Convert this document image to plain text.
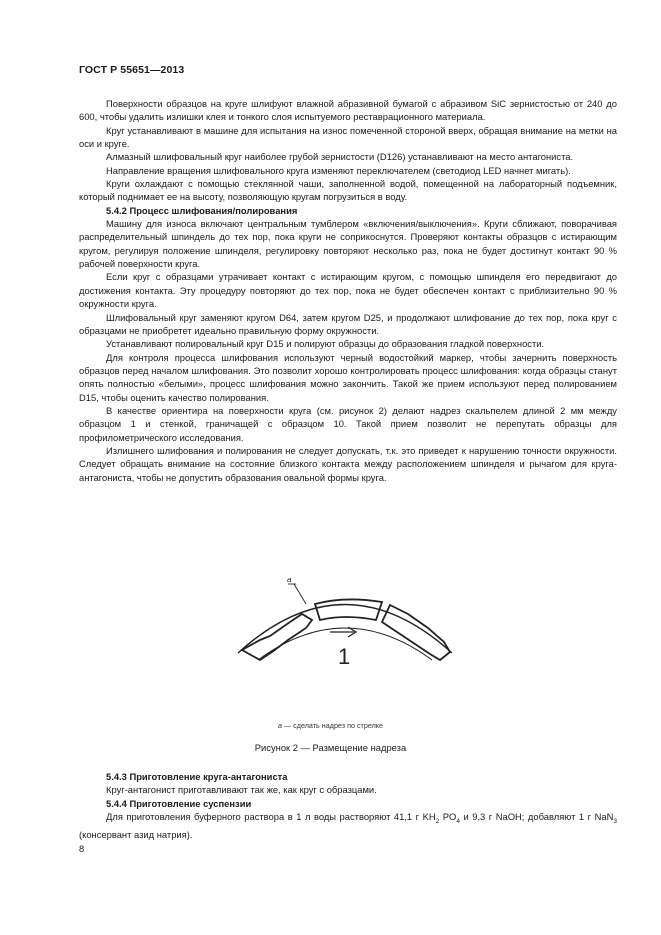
ГОСТ Р 55651—2013

Поверхности образцов на круге шлифуют влажной абразивной бумагой с абразивом SiC зернистостью от 240 до 600, чтобы удалить излишки клея и тонкого слоя испытуемого реставрационного материала.

Круг устанавливают в машине для испытания на износ помеченной стороной вверх, обращая внимание на метки на оси и круге.

Алмазный шлифовальный круг наиболее грубой зернистости (D126) устанавливают на место антагониста.

Направление вращения шлифовального круга изменяют переключателем (светодиод LED начнет мигать).

Круги охлаждают с помощью стеклянной чаши, заполненной водой, помещенной на лабораторный подъемник, который поднимает ее на высоту, позволяющую кругам погрузиться в воду.

5.4.2 Процесс шлифования/полирования

Машину для износа включают центральным тумблером «включения/выключения». Круги сближают, поворачивая распределительный шпиндель до тех пор, пока круги не соприкоснутся. Проверяют контакты образцов с истирающим кругом, регулируя положение шпинделя, регулировку повторяют несколько раз, пока не будет достигнут контакт 90 % рабочей поверхности круга.

Если круг с образцами утрачивает контакт с истирающим кругом, с помощью шпинделя его передвигают до достижения контакта. Эту процедуру повторяют до тех пор, пока не будет обеспечен контакт с приблизительно 90 % окружности круга.

Шлифовальный круг заменяют кругом D64, затем кругом D25, и продолжают шлифование до тех пор, пока круг с образцами не приобретет идеально правильную форму окружности.

Устанавливают полировальный круг D15 и полируют образцы до образования гладкой поверхности.

Для контроля процесса шлифования используют черный водостойкий маркер, чтобы зачернить поверхность образцов перед началом шлифования. Это позволит хорошо контролировать процесс шлифования: когда образцы станут опять полностью «белыми», процесс шлифования можно закончить. Такой же прием используют перед полированием D15, чтобы оценить качество полирования.

В качестве ориентира на поверхности круга (см. рисунок 2) делают надрез скальпелем длиной 2 мм между образцом 1 и стенкой, граничащей с образцом 10. Такой прием позволит не перепутать образцы для профилометрического исследования.

Излишнего шлифования и полирования не следует допускать, т.к. это приведет к нарушению точности окружности. Следует обращать внимание на состояние близкого контакта между расположением шпинделя и рычагом для круга-антагониста, чтобы не допустить образования овальной формы круга.

a
1
а — сделать надрез по стрелке
Рисунок 2 — Размещение надреза
5.4.3 Приготовление круга-антагониста

Круг-антагонист приготавливают так же, как круг с образцами.

5.4.4 Приготовление суспензии

Для приготовления буферного раствора в 1 л воды растворяют 41,1 г $KH_2$ $PO_4$ и 9,3 г NaOH; добавляют 1 г NaN$_3$ (консервант азид натрия).

8
